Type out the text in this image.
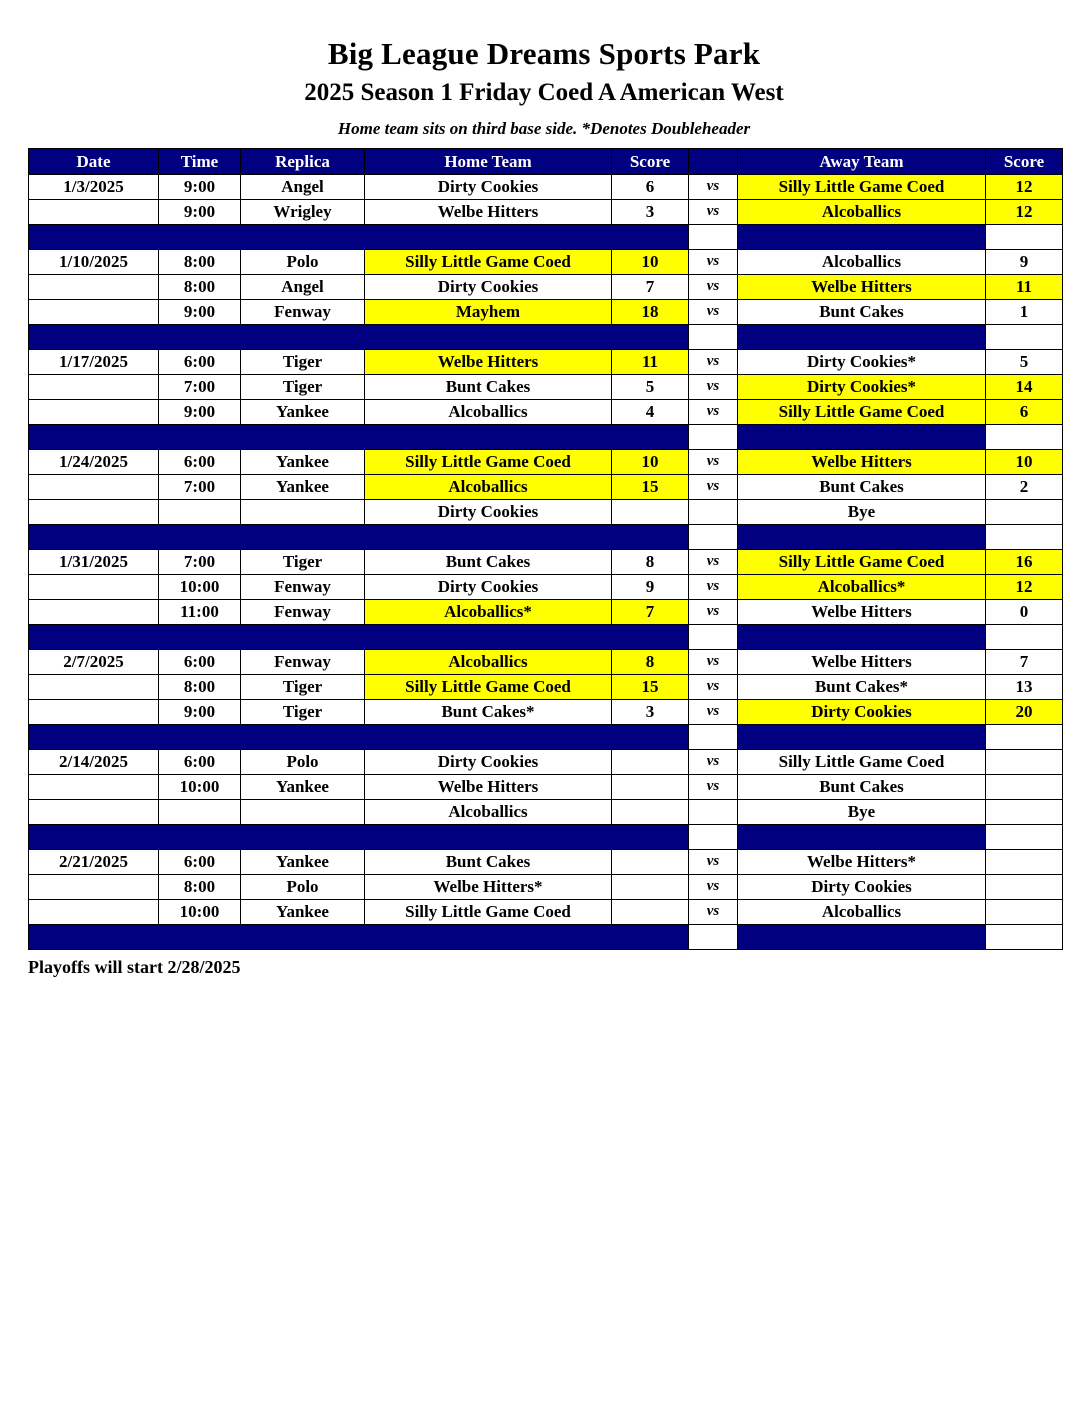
Big League Dreams Sports Park
2025 Season 1 Friday Coed A American West
Home team sits on third base side. *Denotes Doubleheader
Date	Time	Replica	Home Team	Score		Away Team	Score
1/3/2025	9:00	Angel	Dirty Cookies	6	vs	Silly Little Game Coed	12
	9:00	Wrigley	Welbe Hitters	3	vs	Alcoballics	12

1/10/2025	8:00	Polo	Silly Little Game Coed	10	vs	Alcoballics	9
	8:00	Angel	Dirty Cookies	7	vs	Welbe Hitters	11
	9:00	Fenway	Mayhem	18	vs	Bunt Cakes	1

1/17/2025	6:00	Tiger	Welbe Hitters	11	vs	Dirty Cookies*	5
	7:00	Tiger	Bunt Cakes	5	vs	Dirty Cookies*	14
	9:00	Yankee	Alcoballics	4	vs	Silly Little Game Coed	6

1/24/2025	6:00	Yankee	Silly Little Game Coed	10	vs	Welbe Hitters	10
	7:00	Yankee	Alcoballics	15	vs	Bunt Cakes	2
			Dirty Cookies			Bye	

1/31/2025	7:00	Tiger	Bunt Cakes	8	vs	Silly Little Game Coed	16
	10:00	Fenway	Dirty Cookies	9	vs	Alcoballics*	12
	11:00	Fenway	Alcoballics*	7	vs	Welbe Hitters	0

2/7/2025	6:00	Fenway	Alcoballics	8	vs	Welbe Hitters	7
	8:00	Tiger	Silly Little Game Coed	15	vs	Bunt Cakes*	13
	9:00	Tiger	Bunt Cakes*	3	vs	Dirty Cookies	20

2/14/2025	6:00	Polo	Dirty Cookies		vs	Silly Little Game Coed	
	10:00	Yankee	Welbe Hitters		vs	Bunt Cakes	
			Alcoballics			Bye	

2/21/2025	6:00	Yankee	Bunt Cakes		vs	Welbe Hitters*	
	8:00	Polo	Welbe Hitters*		vs	Dirty Cookies	
	10:00	Yankee	Silly Little Game Coed		vs	Alcoballics	

Playoffs will start 2/28/2025
